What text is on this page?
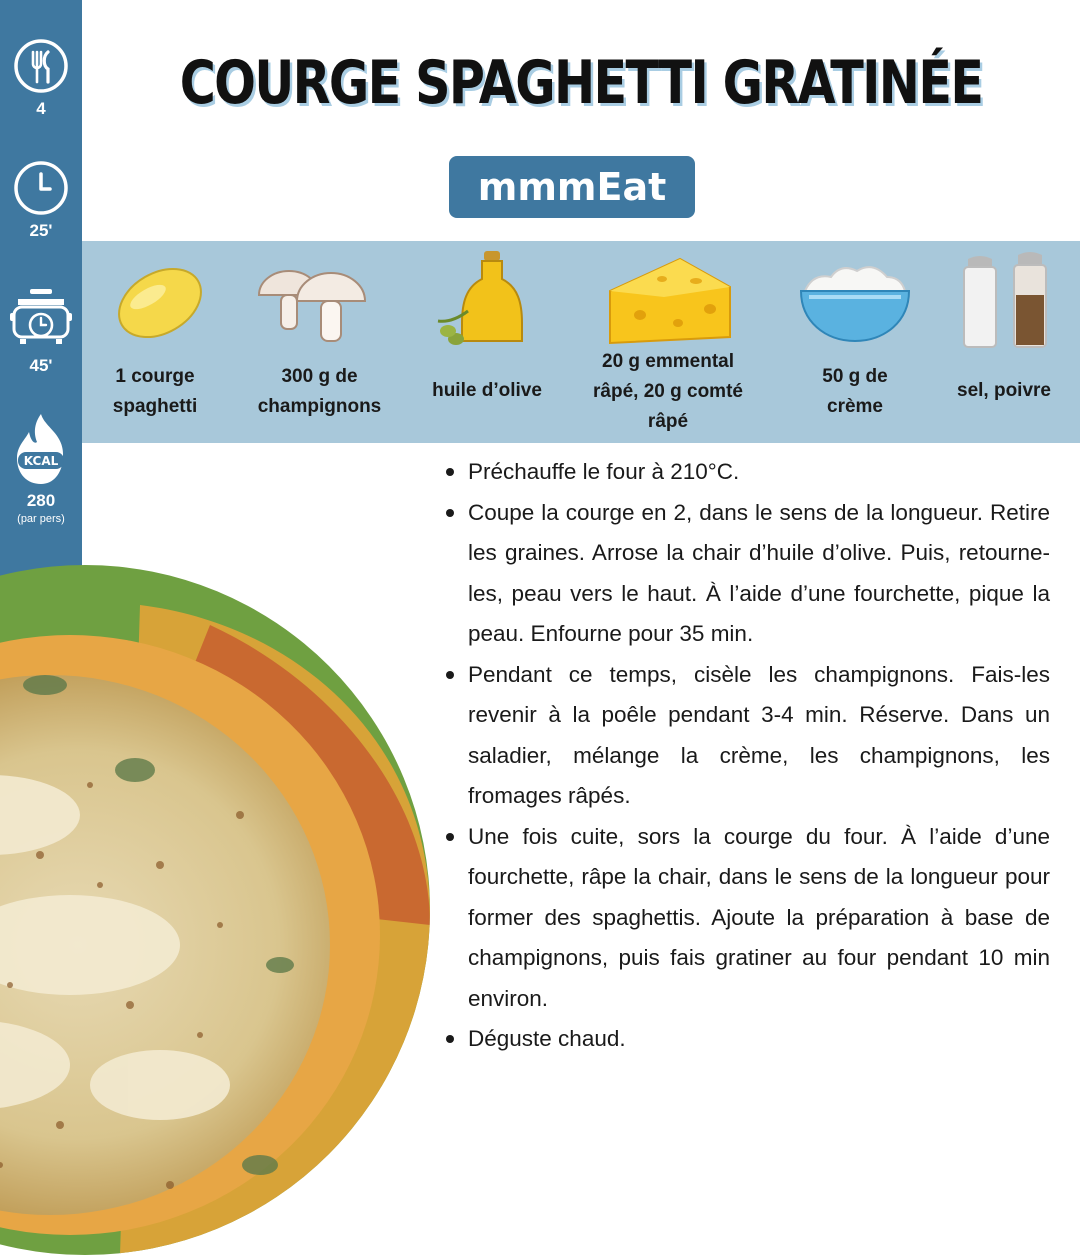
4
25'
45'
KCAL
280
(par pers)
COURGE SPAGHETTI GRATINÉE
mmmEat
1 courge
spaghetti
300 g de
champignons
huile d’olive
20 g emmental
râpé, 20 g comté
râpé
50 g de
crème
sel, poivre
Préchauffe le four à 210°C.
Coupe la courge en 2, dans le sens de la longueur. Retire les graines. Arrose la chair d’huile d’olive. Puis, retourne-les, peau vers le haut. À l’aide d’une fourchette, pique la peau. Enfourne pour 35 min.
Pendant ce temps, cisèle les champignons. Fais-les revenir à la poêle pendant 3-4 min. Réserve. Dans un saladier, mélange la crème, les champignons, les fromages râpés.
Une fois cuite, sors la courge du four. À l’aide d’une fourchette, râpe la chair, dans le sens de la longueur pour former des spaghettis. Ajoute la préparation à base de champignons, puis fais gratiner au four pendant 10 min environ.
Déguste chaud.
